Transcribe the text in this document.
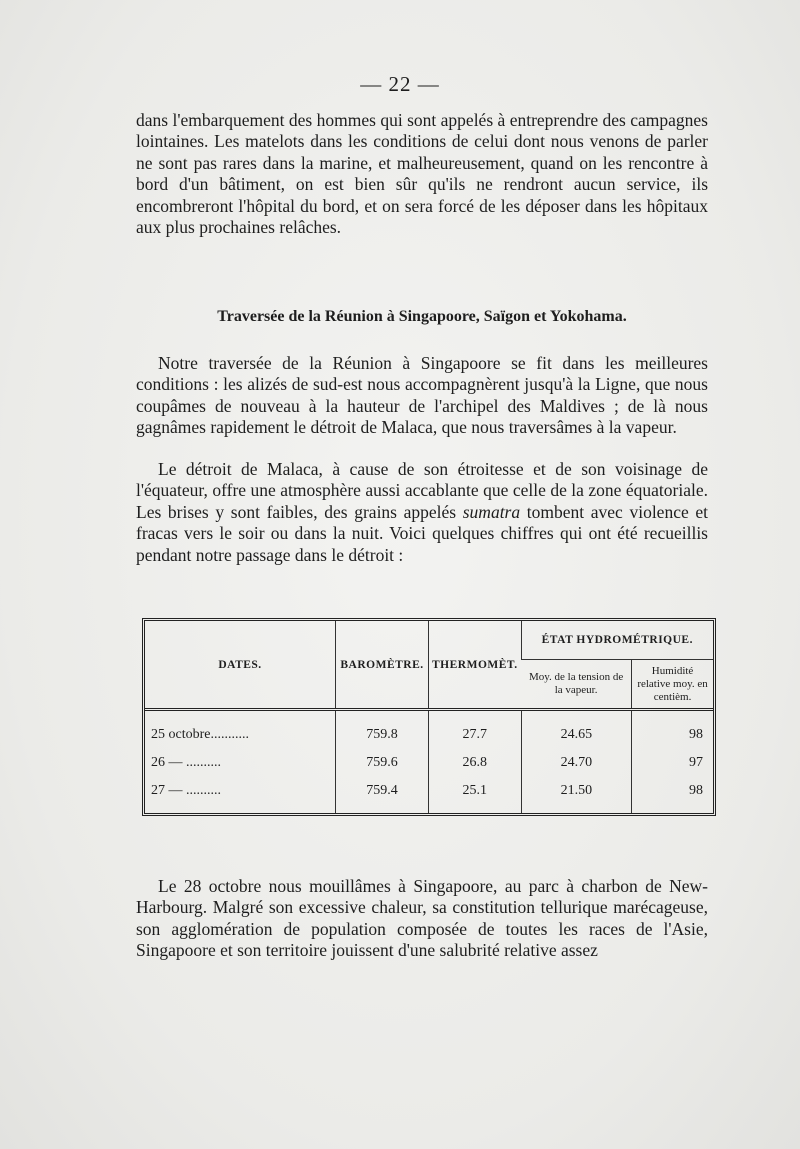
— 22 —

dans l'embarquement des hommes qui sont appelés à entreprendre des campagnes lointaines. Les matelots dans les conditions de celui dont nous venons de parler ne sont pas rares dans la marine, et malheureusement, quand on les rencontre à bord d'un bâtiment, on est bien sûr qu'ils ne rendront aucun service, ils encombreront l'hôpital du bord, et on sera forcé de les déposer dans les hôpitaux aux plus prochaines relâches.

Traversée de la Réunion à Singapoore, Saïgon et Yokohama.

Notre traversée de la Réunion à Singapoore se fit dans les meilleures conditions : les alizés de sud-est nous accompagnèrent jusqu'à la Ligne, que nous coupâmes de nouveau à la hauteur de l'archipel des Maldives ; de là nous gagnâmes rapidement le détroit de Malaca, que nous traversâmes à la vapeur.

Le détroit de Malaca, à cause de son étroitesse et de son voisinage de l'équateur, offre une atmosphère aussi accablante que celle de la zone équatoriale. Les brises y sont faibles, des grains appelés sumatra tombent avec violence et fracas vers le soir ou dans la nuit. Voici quelques chiffres qui ont été recueillis pendant notre passage dans le détroit :
DATES.	BAROMÈTRE.	THERMOMÈT.	ÉTAT HYDROMÉTRIQUE.	
			Moy. de la tension de la vapeur.	Humidité relative moy. en centièm.
25 octobre...........	759.8	27.7	24.65	98
26 — ..........	759.6	26.8	24.70	97
27 — ..........	759.4	25.1	21.50	98

Le 28 octobre nous mouillâmes à Singapoore, au parc à charbon de New-Harbourg. Malgré son excessive chaleur, sa constitution tellurique marécageuse, son agglomération de population composée de toutes les races de l'Asie, Singapoore et son territoire jouissent d'une salubrité relative assez
